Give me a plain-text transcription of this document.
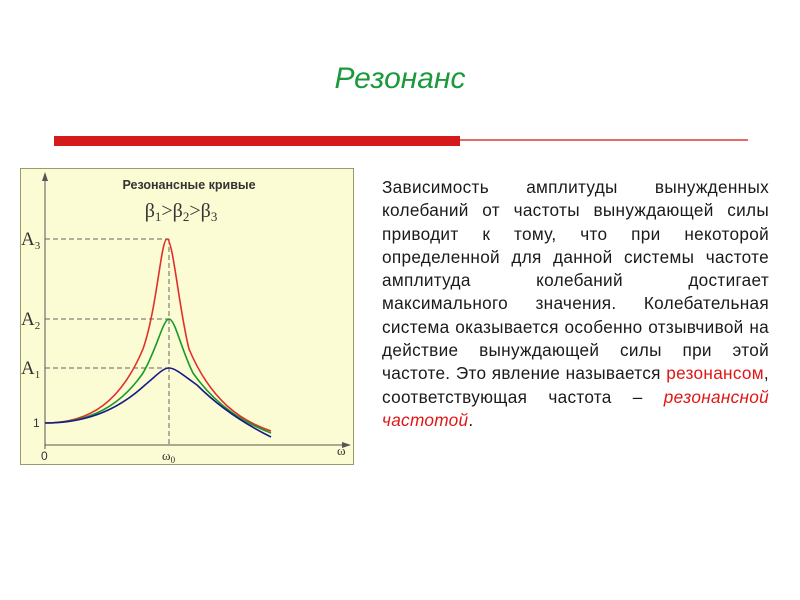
Резонанс
Резонансные кривые
$\beta_1>\beta_2>\beta_3$
$A_3$
$A_2$
$A_1$
1
0	$\omega_0$
ω
Зависимость амплитуды вынужденных колебаний от частоты вынуждающей силы приводит к тому, что при некоторой определенной для данной системы частоте амплитуда колебаний достигает максимального значения. Колебательная система оказывается особенно отзывчивой на действие вынуждающей силы при этой частоте. Это явление называется резонансом, соответствующая частота – резонансной частотой.
